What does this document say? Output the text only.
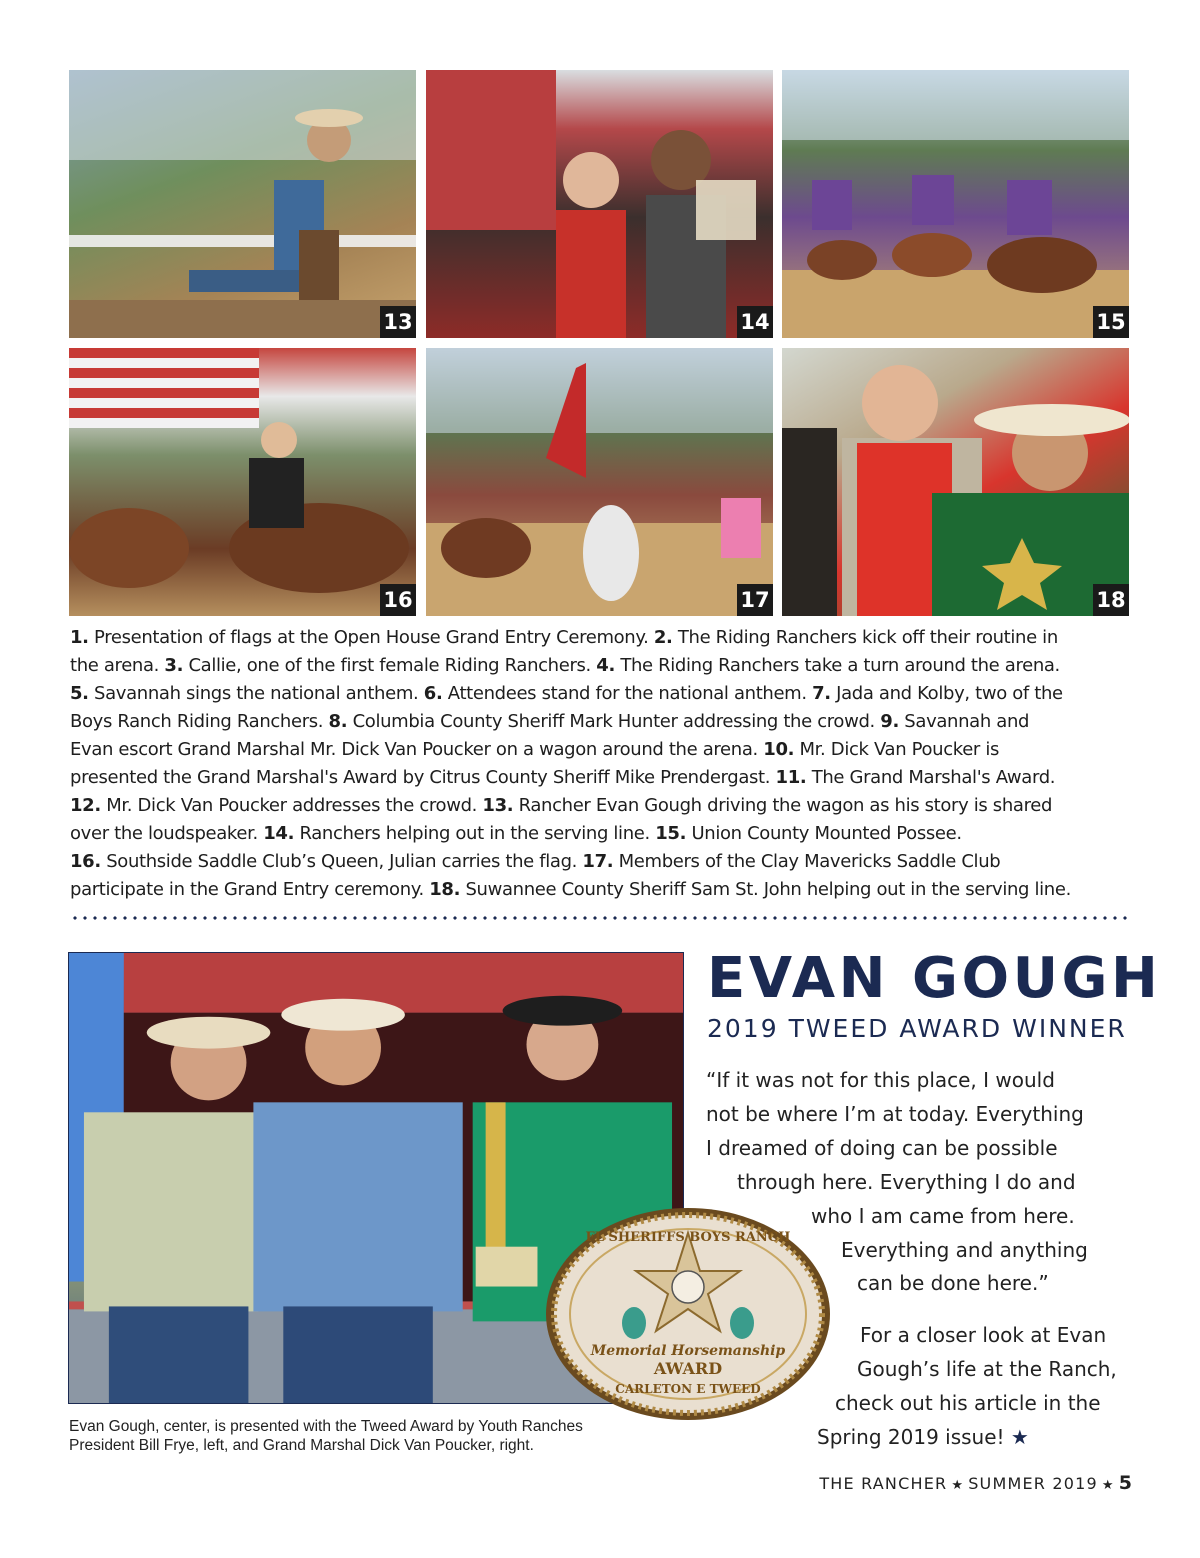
13	14	15
16	17	18

1. Presentation of flags at the Open House Grand Entry Ceremony. 2. The Riding Ranchers kick off their routine in

the arena. 3. Callie, one of the first female Riding Ranchers. 4. The Riding Ranchers take a turn around the arena.

5. Savannah sings the national anthem. 6. Attendees stand for the national anthem. 7. Jada and Kolby, two of the

Boys Ranch Riding Ranchers. 8. Columbia County Sheriff Mark Hunter addressing the crowd. 9. Savannah and

Evan escort Grand Marshal Mr. Dick Van Poucker on a wagon around the arena. 10. Mr. Dick Van Poucker is

presented the Grand Marshal's Award by Citrus County Sheriff Mike Prendergast. 11. The Grand Marshal's Award.

12. Mr. Dick Van Poucker addresses the crowd. 13. Rancher Evan Gough driving the wagon as his story is shared

over the loudspeaker. 14. Ranchers helping out in the serving line. 15. Union County Mounted Possee.

16. Southside Saddle Club’s Queen, Julian carries the flag. 17. Members of the Clay Mavericks Saddle Club

participate in the Grand Entry ceremony. 18. Suwannee County Sheriff Sam St. John helping out in the serving line.

FL SHERIFFS BOYS RANCH
Memorial Horsemanship
AWARD
CARLETON E TWEED
Evan Gough, center, is presented with the Tweed Award by Youth Ranches President Bill Frye, left, and Grand Marshal Dick Van Poucker, right.
EVAN GOUGH
2019 TWEED AWARD WINNER
“If it was not for this place, I would
not be where I’m at today. Everything
I dreamed of doing can be possible
through here. Everything I do and
who I am came from here.
Everything and anything
can be done here.”
For a closer look at Evan
Gough’s life at the Ranch,
check out his article in the
Spring 2019 issue! ★
THE RANCHER ★ SUMMER 2019 ★ 5
